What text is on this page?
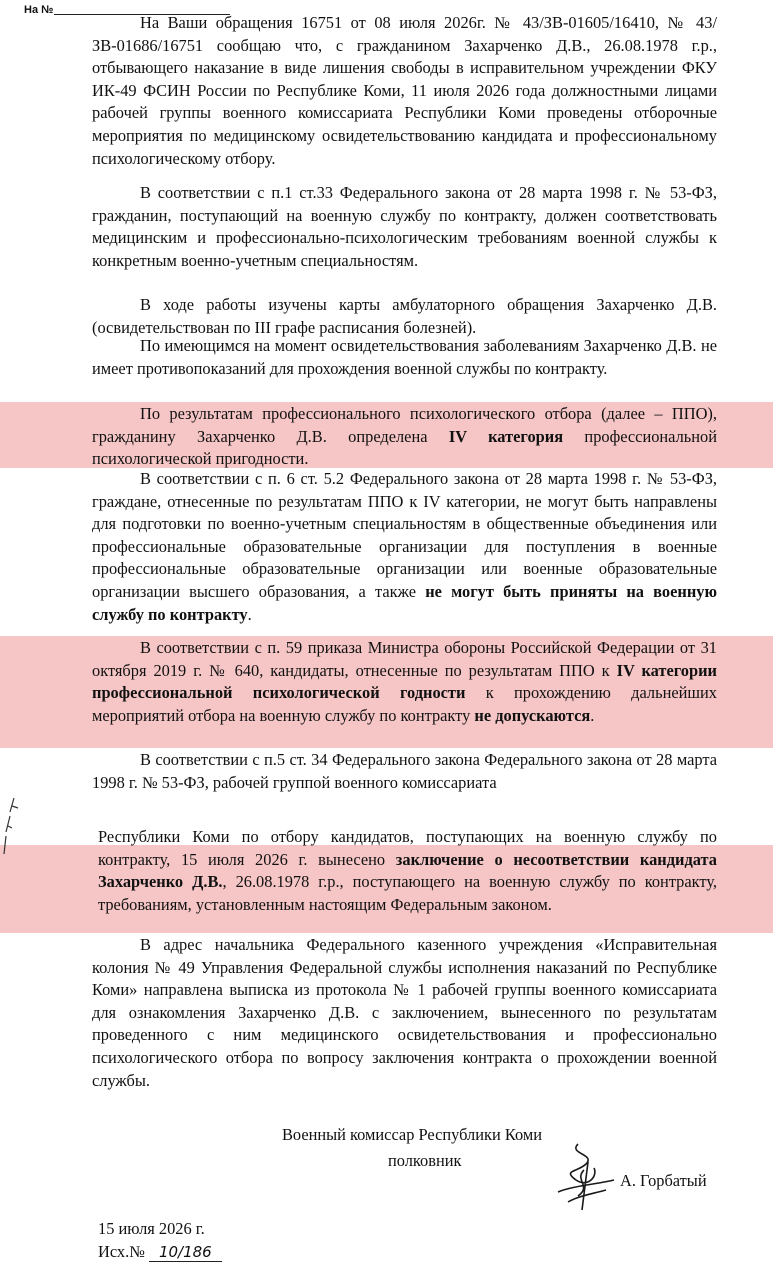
На №

На Ваши обращения 16751 от 08 июля 2026г. № 43/ЗВ-01605/16410, № 43/ЗВ-01686/16751 сообщаю что, с гражданином Захарченко Д.В., 26.08.1978 г.р., отбывающего наказание в виде лишения свободы в исправительном учреждении ФКУ ИК-49 ФСИН России по Республике Коми, 11 июля 2026 года должностными лицами рабочей группы военного комиссариата Республики Коми проведены отборочные мероприятия по медицинскому освидетельствованию кандидата и профессиональному психологическому отбору.

В соответствии с п.1 ст.33 Федерального закона от 28 марта 1998 г. № 53-ФЗ, гражданин, поступающий на военную службу по контракту, должен соответствовать медицинским и профессионально-психологическим требованиям военной службы к конкретным военно-учетным специальностям.

В ходе работы изучены карты амбулаторного обращения Захарченко Д.В. (освидетельствован по III графе расписания болезней).

По имеющимся на момент освидетельствования заболеваниям Захарченко Д.В. не имеет противопоказаний для прохождения военной службы по контракту.

По результатам профессионального психологического отбора (далее – ППО), гражданину Захарченко Д.В. определена IV категория профессиональной психологической пригодности.

В соответствии с п. 6 ст. 5.2 Федерального закона от 28 марта 1998 г. № 53-ФЗ, граждане, отнесенные по результатам ППО к IV категории, не могут быть направлены для подготовки по военно-учетным специальностям в общественные объединения или профессиональные образовательные организации для поступления в военные профессиональные образовательные организации или военные образовательные организации высшего образования, а также не могут быть приняты на военную службу по контракту.

В соответствии с п. 59 приказа Министра обороны Российской Федерации от 31 октября 2019 г. № 640, кандидаты, отнесенные по результатам ППО к IV категории профессиональной психологической годности к прохождению дальнейших мероприятий отбора на военную службу по контракту не допускаются.

В соответствии с п.5 ст. 34 Федерального закона Федерального закона от 28 марта 1998 г. № 53-ФЗ, рабочей группой военного комиссариата

Республики Коми по отбору кандидатов, поступающих на военную службу по контракту, 15 июля 2026 г. вынесено заключение о несоответствии кандидата Захарченко Д.В., 26.08.1978 г.р., поступающего на военную службу по контракту, требованиям, установленным настоящим Федеральным законом.

В адрес начальника Федерального казенного учреждения «Исправительная колония № 49 Управления Федеральной службы исполнения наказаний по Республике Коми» направлена выписка из протокола № 1 рабочей группы военного комиссариата для ознакомления Захарченко Д.В. с заключением, вынесенного по результатам проведенного с ним медицинского освидетельствования и профессионально психологического отбора по вопросу заключения контракта о прохождении военной службы.

Военный комиссар Республики Коми
полковник
А. Горбатый
15 июля 2026 г.
Исх.№ 10/186
